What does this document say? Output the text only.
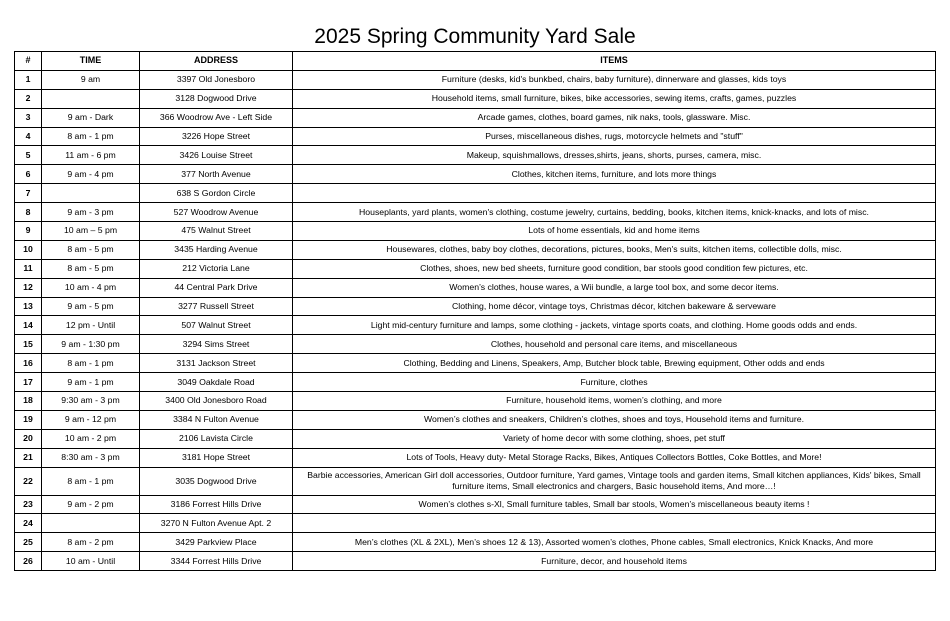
2025 Spring Community Yard Sale
#	TIME	ADDRESS	ITEMS
1	9 am	3397 Old Jonesboro	Furniture (desks, kid's bunkbed, chairs, baby furniture), dinnerware and glasses, kids toys
2		3128 Dogwood Drive	Household items, small furniture, bikes, bike accessories, sewing items, crafts, games, puzzles
3	9 am - Dark	366 Woodrow Ave - Left Side	Arcade games, clothes, board games, nik naks, tools, glassware. Misc.
4	8 am - 1 pm	3226 Hope Street	Purses, miscellaneous dishes, rugs, motorcycle helmets and "stuff"
5	11 am - 6 pm	3426 Louise Street	Makeup, squishmallows, dresses,shirts, jeans, shorts, purses, camera, misc.
6	9 am - 4 pm	377 North Avenue	Clothes, kitchen items, furniture, and lots more things
7		638 S Gordon Circle	
8	9 am - 3 pm	527 Woodrow Avenue	Houseplants, yard plants, women's clothing, costume jewelry, curtains, bedding, books, kitchen items, knick-knacks, and lots of misc.
9	10 am – 5 pm	475 Walnut Street	Lots of home essentials, kid and home items
10	8 am - 5 pm	3435 Harding Avenue	Housewares, clothes, baby boy clothes, decorations, pictures, books, Men's suits, kitchen items, collectible dolls, misc.
11	8 am - 5 pm	212 Victoria Lane	Clothes, shoes, new bed sheets, furniture good condition, bar stools good condition few pictures, etc.
12	10 am - 4 pm	44 Central Park Drive	Women’s clothes, house wares, a Wii bundle, a large tool box, and some decor items.
13	9 am - 5 pm	3277 Russell Street	Clothing, home décor, vintage toys, Christmas décor, kitchen bakeware & serveware
14	12 pm - Until	507 Walnut Street	Light mid-century furniture and lamps, some clothing - jackets, vintage sports coats, and clothing. Home goods odds and ends.
15	9 am - 1:30 pm	3294 Sims Street	Clothes, household and personal care items, and miscellaneous
16	8 am - 1 pm	3131 Jackson Street	Clothing, Bedding and Linens, Speakers, Amp, Butcher block table, Brewing equipment, Other odds and ends
17	9 am - 1 pm	3049 Oakdale Road	Furniture, clothes
18	9:30 am - 3 pm	3400 Old Jonesboro Road	Furniture, household items, women’s clothing, and more
19	9 am - 12 pm	3384 N Fulton Avenue	Women’s clothes and sneakers, Children’s clothes, shoes and toys, Household items and furniture.
20	10 am - 2 pm	2106 Lavista Circle	Variety of home decor with some clothing, shoes, pet stuff
21	8:30 am - 3 pm	3181 Hope Street	Lots of Tools, Heavy duty- Metal Storage Racks, Bikes, Antiques Collectors Bottles, Coke Bottles, and More!
22	8 am - 1 pm	3035 Dogwood Drive	Barbie accessories, American Girl doll accessories, Outdoor furniture, Yard games, Vintage tools and garden items, Small kitchen appliances, Kids' bikes, Small furniture items, Small electronics and chargers, Basic household items, And more…!
23	9 am - 2 pm	3186 Forrest Hills Drive	Women’s clothes s-Xl, Small furniture tables, Small bar stools, Women’s miscellaneous beauty items !
24		3270 N Fulton Avenue Apt. 2	
25	8 am - 2 pm	3429 Parkview Place	Men’s clothes (XL & 2XL), Men’s shoes 12 & 13), Assorted women’s clothes, Phone cables, Small electronics, Knick Knacks, And more
26	10 am - Until	3344 Forrest Hills Drive	Furniture, decor, and household items
